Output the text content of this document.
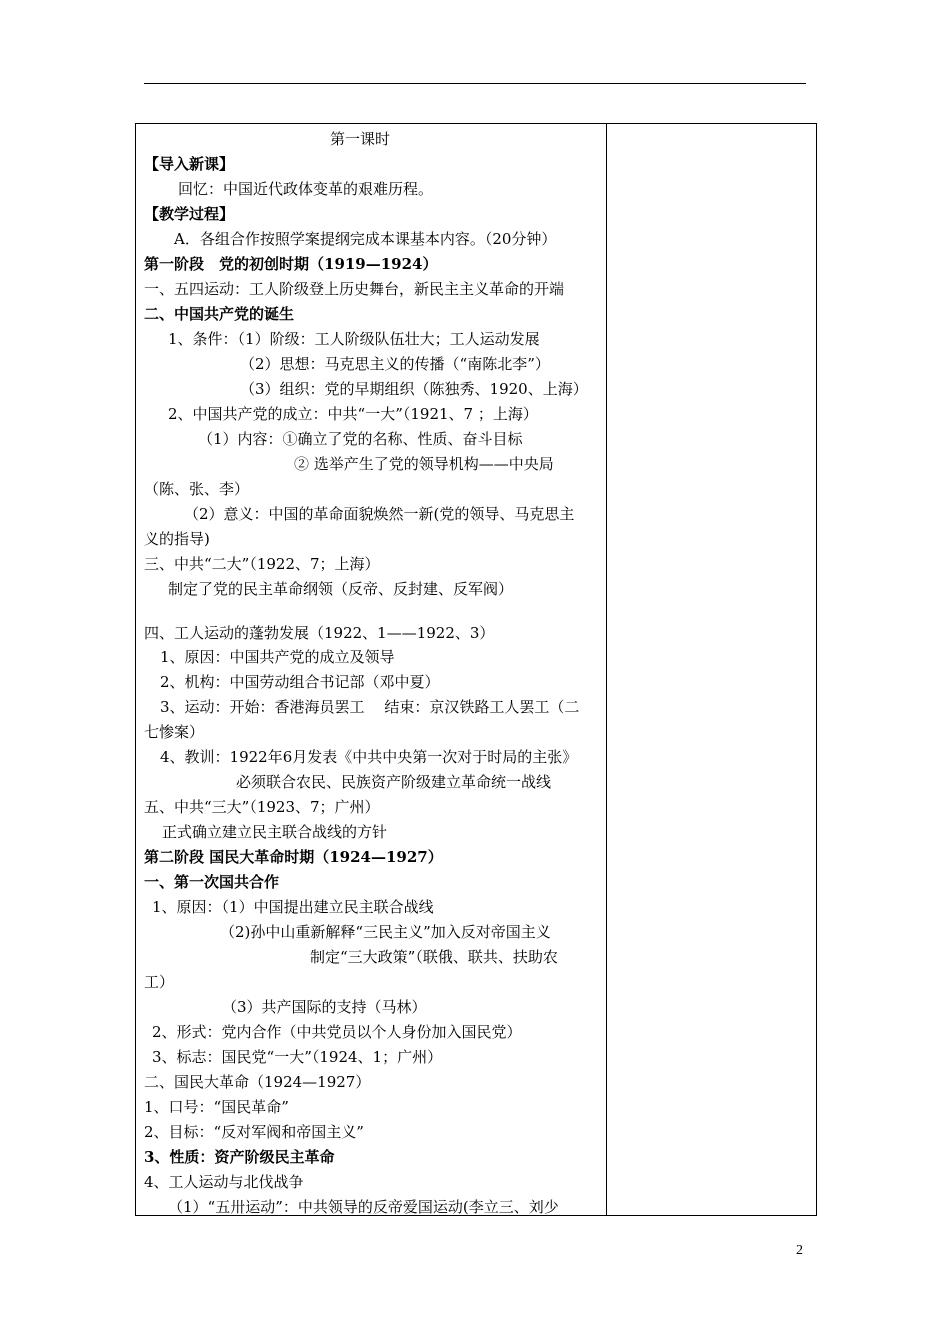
第一课时
【导入新课】
回忆：中国近代政体变革的艰难历程。
【教学过程】
A．各组合作按照学案提纲完成本课基本内容。（20分钟）
第一阶段　党的初创时期（1919—1924）
一、五四运动：工人阶级登上历史舞台，新民主主义革命的开端
二、中国共产党的诞生
1、条件：（1）阶级：工人阶级队伍壮大；工人运动发展
（2）思想：马克思主义的传播（“南陈北李”）
（3）组织：党的早期组织（陈独秀、1920、上海）
2、中国共产党的成立：中共“一大”（1921、7 ；上海）
（1）内容：①确立了党的名称、性质、奋斗目标
② 选举产生了党的领导机构——中央局
（陈、张、李）
（2）意义：中国的革命面貌焕然一新(党的领导、马克思主
义的指导)
三、中共“二大”（1922、7；上海）
制定了党的民主革命纲领（反帝、反封建、反军阀）
四、工人运动的蓬勃发展（1922、1——1922、3）
1、原因：中国共产党的成立及领导
2、机构：中国劳动组合书记部（邓中夏）
3、运动：开始：香港海员罢工　 结束：京汉铁路工人罢工（二
七惨案）
4、教训：1922年6月发表《中共中央第一次对于时局的主张》
必须联合农民、民族资产阶级建立革命统一战线
五、中共“三大”（1923、7；广州）
正式确立建立民主联合战线的方针
第二阶段 国民大革命时期（1924—1927）
一、第一次国共合作
1、原因：（1）中国提出建立民主联合战线
（2)孙中山重新解释“三民主义”加入反对帝国主义
制定“三大政策”（联俄、联共、扶助农
工）
（3）共产国际的支持（马林）
2、形式：党内合作（中共党员以个人身份加入国民党）
3、标志：国民党“一大”（1924、1；广州）
二、国民大革命（1924—1927）
1、口号：“国民革命”
2、目标：“反对军阀和帝国主义”
3、性质：资产阶级民主革命
4、工人运动与北伐战争
（1）“五卅运动”：中共领导的反帝爱国运动(李立三、刘少
2
